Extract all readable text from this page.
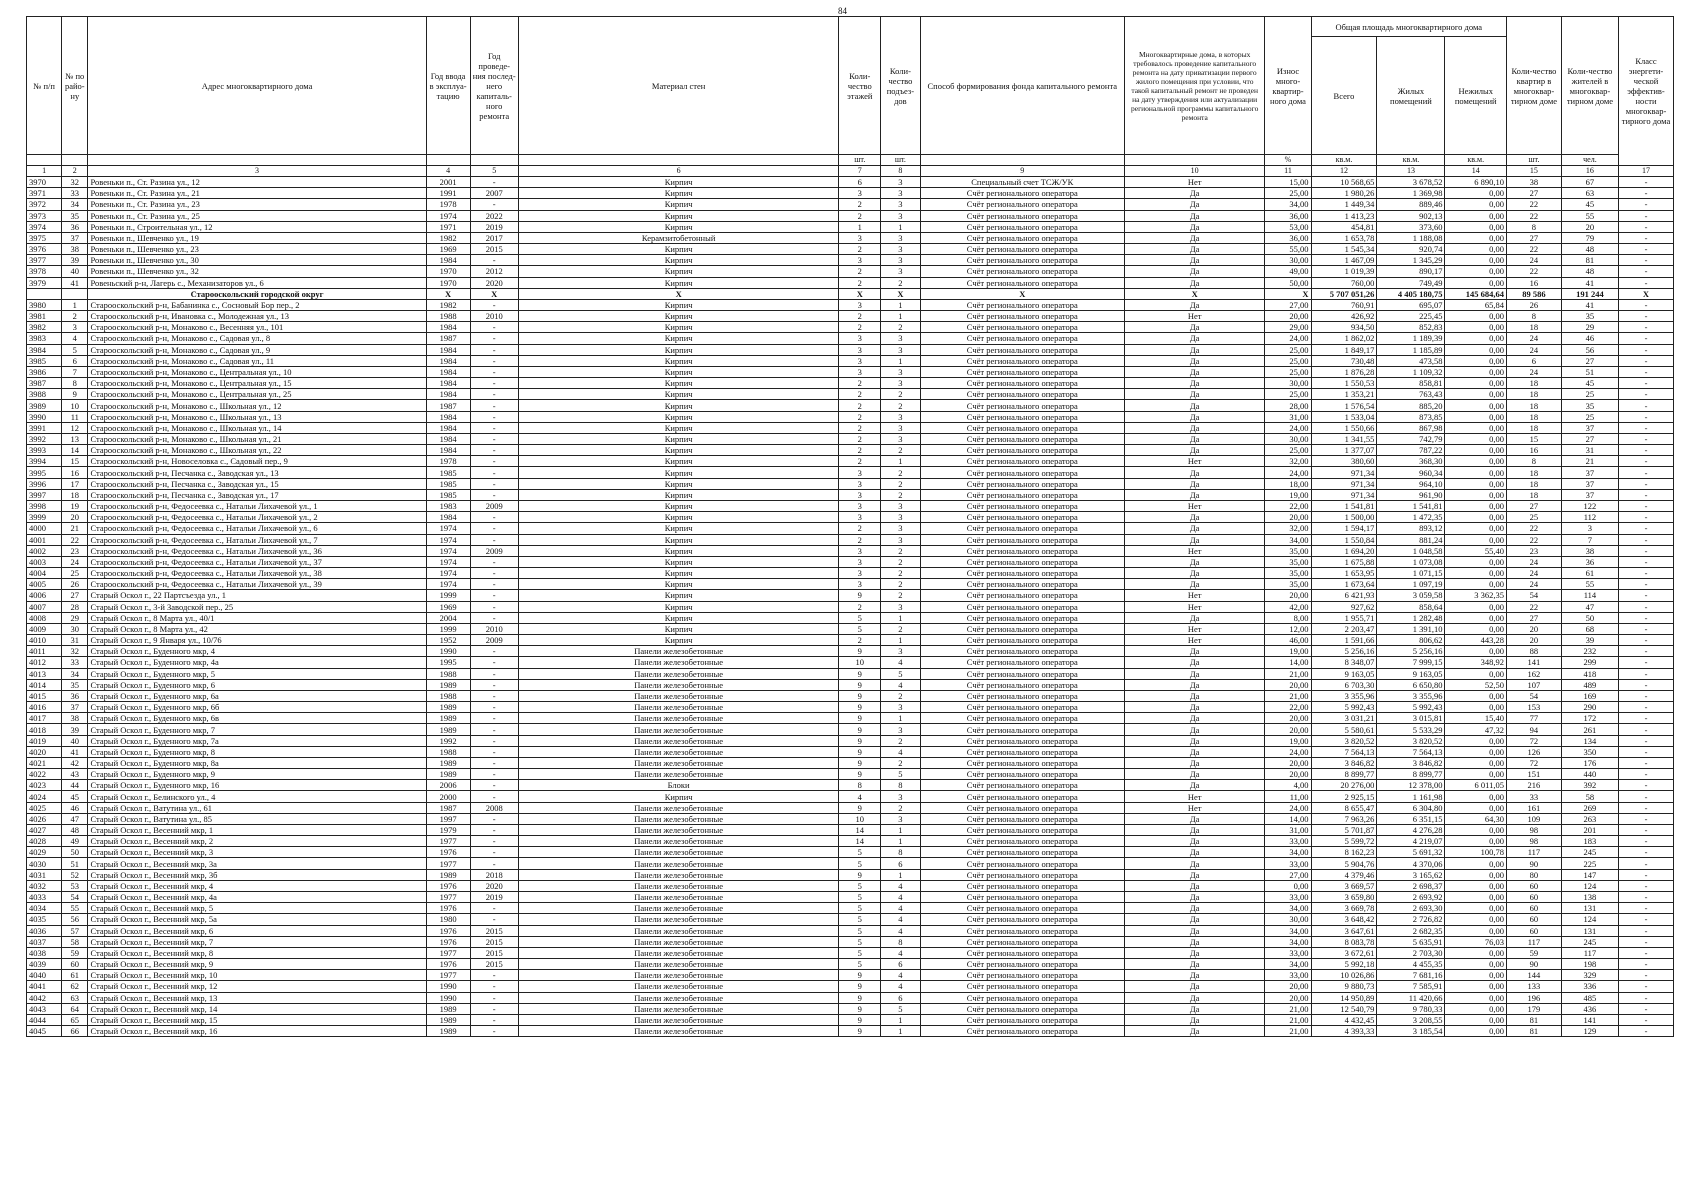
84
№ п/п	№ по райо-ну	Адрес многоквартирного дома	Год ввода в эксплуа-тацию	Год проведе-ния послед-него капиталь-ного ремонта	Материал стен	Коли-чество этажей	Коли-чество подъез-дов	Способ формирования фонда капитального ремонта	Многоквартирные дома, в которых требовалось проведение капитального ремонта на дату приватизации первого жилого помещения при условии, что такой капитальный ремонт не проведен на дату утверждения или актуализации региональной программы капитального ремонта	Износ много-квартир-ного дома	Общая площадь многоквартирного дома			Коли-чество квартир в многоквар-тирном доме	Коли-чество жителей в многоквар-тирном доме	Класс энергети-ческой эффектив-ности многоквар-тирного дома
											Всего	Жилых помещений	Нежилых помещений			
						шт.	шт.			%	кв.м.	кв.м.	кв.м.	шт.	чел.	
1	2	3	4	5	6	7	8	9	10	11	12	13	14	15	16	17
3970	32	Ровеньки п., Ст. Разина ул., 12	2001	-	Кирпич	6	3	Специальный счет ТСЖ/УК	Нет	15,00	10 568,65	3 678,52	6 890,10	38	67	-
3971	33	Ровеньки п., Ст. Разина ул., 21	1991	2007	Кирпич	3	3	Счёт регионального оператора	Да	25,00	1 980,26	1 369,98	0,00	27	63	-
3972	34	Ровеньки п., Ст. Разина ул., 23	1978	-	Кирпич	2	3	Счёт регионального оператора	Да	34,00	1 449,34	889,46	0,00	22	45	-
3973	35	Ровеньки п., Ст. Разина ул., 25	1974	2022	Кирпич	2	3	Счёт регионального оператора	Да	36,00	1 413,23	902,13	0,00	22	55	-
3974	36	Ровеньки п., Строительная ул., 12	1971	2019	Кирпич	1	1	Счёт регионального оператора	Да	53,00	454,81	373,60	0,00	8	20	-
3975	37	Ровеньки п., Шевченко ул., 19	1982	2017	Керамзитобетонный	3	3	Счёт регионального оператора	Да	36,00	1 653,78	1 188,08	0,00	27	79	-
3976	38	Ровеньки п., Шевченко ул., 23	1969	2015	Кирпич	2	3	Счёт регионального оператора	Да	55,00	1 545,34	920,74	0,00	22	48	-
3977	39	Ровеньки п., Шевченко ул., 30	1984	-	Кирпич	3	3	Счёт регионального оператора	Да	30,00	1 467,09	1 345,29	0,00	24	81	-
3978	40	Ровеньки п., Шевченко ул., 32	1970	2012	Кирпич	2	3	Счёт регионального оператора	Да	49,00	1 019,39	890,17	0,00	22	48	-
3979	41	Ровеньский р-н, Лагерь с., Механизаторов ул., 6	1970	2020	Кирпич	2	2	Счёт регионального оператора	Да	50,00	760,00	749,49	0,00	16	41	-
		Старооскольский городской округ	X	X	X	X	X	X	X	X	5 707 051,26	4 405 180,75	145 684,64	89 586	191 244	X
3980	1	Старооскольский р-н, Бабанинка с., Сосновый Бор пер., 2	1982	-	Кирпич	3	1	Счёт регионального оператора	Да	27,00	760,91	695,07	65,84	26	41	-
3981	2	Старооскольский р-н, Ивановка с., Молодежная ул., 13	1988	2010	Кирпич	2	1	Счёт регионального оператора	Нет	20,00	426,92	225,45	0,00	8	35	-
3982	3	Старооскольский р-н, Монаково с., Весенняя ул., 101	1984	-	Кирпич	2	2	Счёт регионального оператора	Да	29,00	934,50	852,83	0,00	18	29	-
3983	4	Старооскольский р-н, Монаково с., Садовая ул., 8	1987	-	Кирпич	3	3	Счёт регионального оператора	Да	24,00	1 862,02	1 189,39	0,00	24	46	-
3984	5	Старооскольский р-н, Монаково с., Садовая ул., 9	1984	-	Кирпич	3	3	Счёт регионального оператора	Да	25,00	1 849,17	1 185,89	0,00	24	56	-
3985	6	Старооскольский р-н, Монаково с., Садовая ул., 11	1984	-	Кирпич	3	1	Счёт регионального оператора	Да	25,00	730,48	473,58	0,00	6	27	-
3986	7	Старооскольский р-н, Монаково с., Центральная ул., 10	1984	-	Кирпич	3	3	Счёт регионального оператора	Да	25,00	1 876,28	1 109,32	0,00	24	51	-
3987	8	Старооскольский р-н, Монаково с., Центральная ул., 15	1984	-	Кирпич	2	3	Счёт регионального оператора	Да	30,00	1 550,53	858,81	0,00	18	45	-
3988	9	Старооскольский р-н, Монаково с., Центральная ул., 25	1984	-	Кирпич	2	2	Счёт регионального оператора	Да	25,00	1 353,21	763,43	0,00	18	25	-
3989	10	Старооскольский р-н, Монаково с., Школьная ул., 12	1987	-	Кирпич	2	2	Счёт регионального оператора	Да	28,00	1 576,54	885,20	0,00	18	35	-
3990	11	Старооскольский р-н, Монаково с., Школьная ул., 13	1984	-	Кирпич	2	3	Счёт регионального оператора	Да	31,00	1 533,04	873,85	0,00	18	25	-
3991	12	Старооскольский р-н, Монаково с., Школьная ул., 14	1984	-	Кирпич	2	3	Счёт регионального оператора	Да	24,00	1 550,66	867,98	0,00	18	37	-
3992	13	Старооскольский р-н, Монаково с., Школьная ул., 21	1984	-	Кирпич	2	3	Счёт регионального оператора	Да	30,00	1 341,55	742,79	0,00	15	27	-
3993	14	Старооскольский р-н, Монаково с., Школьная ул., 22	1984	-	Кирпич	2	2	Счёт регионального оператора	Да	25,00	1 377,07	787,22	0,00	16	31	-
3994	15	Старооскольский р-н, Новоселовка с., Садовый пер., 9	1978	-	Кирпич	2	1	Счёт регионального оператора	Нет	32,00	380,60	368,30	0,00	8	21	-
3995	16	Старооскольский р-н, Песчанка с., Заводская ул., 13	1985	-	Кирпич	3	2	Счёт регионального оператора	Да	24,00	971,34	960,34	0,00	18	37	-
3996	17	Старооскольский р-н, Песчанка с., Заводская ул., 15	1985	-	Кирпич	3	2	Счёт регионального оператора	Да	18,00	971,34	964,10	0,00	18	37	-
3997	18	Старооскольский р-н, Песчанка с., Заводская ул., 17	1985	-	Кирпич	3	2	Счёт регионального оператора	Да	19,00	971,34	961,90	0,00	18	37	-
3998	19	Старооскольский р-н, Федосеевка с., Натальи Лихачевой ул., 1	1983	2009	Кирпич	3	3	Счёт регионального оператора	Нет	22,00	1 541,81	1 541,81	0,00	27	122	-
3999	20	Старооскольский р-н, Федосеевка с., Натальи Лихачевой ул., 2	1984	-	Кирпич	3	3	Счёт регионального оператора	Да	20,00	1 500,00	1 472,35	0,00	25	112	-
4000	21	Старооскольский р-н, Федосеевка с., Натальи Лихачевой ул., 6	1974	-	Кирпич	2	3	Счёт регионального оператора	Да	32,00	1 594,17	893,12	0,00	22	3	-
4001	22	Старооскольский р-н, Федосеевка с., Натальи Лихачевой ул., 7	1974	-	Кирпич	2	3	Счёт регионального оператора	Да	34,00	1 550,84	881,24	0,00	22	7	-
4002	23	Старооскольский р-н, Федосеевка с., Натальи Лихачевой ул., 36	1974	2009	Кирпич	3	2	Счёт регионального оператора	Нет	35,00	1 694,20	1 048,58	55,40	23	38	-
4003	24	Старооскольский р-н, Федосеевка с., Натальи Лихачевой ул., 37	1974	-	Кирпич	3	2	Счёт регионального оператора	Да	35,00	1 675,88	1 073,08	0,00	24	36	-
4004	25	Старооскольский р-н, Федосеевка с., Натальи Лихачевой ул., 38	1974	-	Кирпич	3	2	Счёт регионального оператора	Да	35,00	1 653,95	1 071,15	0,00	24	61	-
4005	26	Старооскольский р-н, Федосеевка с., Натальи Лихачевой ул., 39	1974	-	Кирпич	3	2	Счёт регионального оператора	Да	35,00	1 673,64	1 097,19	0,00	24	55	-
4006	27	Старый Оскол г., 22 Партсъезда ул., 1	1999	-	Кирпич	9	2	Счёт регионального оператора	Нет	20,00	6 421,93	3 059,58	3 362,35	54	114	-
4007	28	Старый Оскол г., 3-й Заводской пер., 25	1969	-	Кирпич	2	3	Счёт регионального оператора	Нет	42,00	927,62	858,64	0,00	22	47	-
4008	29	Старый Оскол г., 8 Марта ул., 40/1	2004	-	Кирпич	5	1	Счёт регионального оператора	Да	8,00	1 955,71	1 282,48	0,00	27	50	-
4009	30	Старый Оскол г., 8 Марта ул., 42	1999	2010	Кирпич	5	2	Счёт регионального оператора	Нет	12,00	2 203,47	1 391,10	0,00	20	68	-
4010	31	Старый Оскол г., 9 Января ул., 10/76	1952	2009	Кирпич	2	1	Счёт регионального оператора	Нет	46,00	1 591,66	806,62	443,28	20	39	-
4011	32	Старый Оскол г., Буденного мкр, 4	1990	-	Панели железобетонные	9	3	Счёт регионального оператора	Да	19,00	5 256,16	5 256,16	0,00	88	232	-
4012	33	Старый Оскол г., Буденного мкр, 4а	1995	-	Панели железобетонные	10	4	Счёт регионального оператора	Да	14,00	8 348,07	7 999,15	348,92	141	299	-
4013	34	Старый Оскол г., Буденного мкр, 5	1988	-	Панели железобетонные	9	5	Счёт регионального оператора	Да	21,00	9 163,05	9 163,05	0,00	162	418	-
4014	35	Старый Оскол г., Буденного мкр, 6	1989	-	Панели железобетонные	9	4	Счёт регионального оператора	Да	20,00	6 703,30	6 650,80	52,50	107	489	-
4015	36	Старый Оскол г., Буденного мкр, 6а	1988	-	Панели железобетонные	9	2	Счёт регионального оператора	Да	21,00	3 355,96	3 355,96	0,00	54	169	-
4016	37	Старый Оскол г., Буденного мкр, 6б	1989	-	Панели железобетонные	9	3	Счёт регионального оператора	Да	22,00	5 992,43	5 992,43	0,00	153	290	-
4017	38	Старый Оскол г., Буденного мкр, 6в	1989	-	Панели железобетонные	9	1	Счёт регионального оператора	Да	20,00	3 031,21	3 015,81	15,40	77	172	-
4018	39	Старый Оскол г., Буденного мкр, 7	1989	-	Панели железобетонные	9	3	Счёт регионального оператора	Да	20,00	5 580,61	5 533,29	47,32	94	261	-
4019	40	Старый Оскол г., Буденного мкр, 7а	1992	-	Панели железобетонные	9	2	Счёт регионального оператора	Да	19,00	3 820,52	3 820,52	0,00	72	134	-
4020	41	Старый Оскол г., Буденного мкр, 8	1988	-	Панели железобетонные	9	4	Счёт регионального оператора	Да	24,00	7 564,13	7 564,13	0,00	126	350	-
4021	42	Старый Оскол г., Буденного мкр, 8а	1989	-	Панели железобетонные	9	2	Счёт регионального оператора	Да	20,00	3 846,82	3 846,82	0,00	72	176	-
4022	43	Старый Оскол г., Буденного мкр, 9	1989	-	Панели железобетонные	9	5	Счёт регионального оператора	Да	20,00	8 899,77	8 899,77	0,00	151	440	-
4023	44	Старый Оскол г., Буденного мкр, 16	2006	-	Блоки	8	8	Счёт регионального оператора	Да	4,00	20 276,00	12 378,00	6 011,05	216	392	-
4024	45	Старый Оскол г., Белинского ул., 4	2000	-	Кирпич	4	3	Счёт регионального оператора	Нет	11,00	2 925,15	1 161,98	0,00	33	58	-
4025	46	Старый Оскол г., Ватутина ул., 61	1987	2008	Панели железобетонные	9	2	Счёт регионального оператора	Нет	24,00	8 655,47	6 304,80	0,00	161	269	-
4026	47	Старый Оскол г., Ватутина ул., 85	1997	-	Панели железобетонные	10	3	Счёт регионального оператора	Да	14,00	7 963,26	6 351,15	64,30	109	263	-
4027	48	Старый Оскол г., Весенний мкр, 1	1979	-	Панели железобетонные	14	1	Счёт регионального оператора	Да	31,00	5 701,87	4 276,28	0,00	98	201	-
4028	49	Старый Оскол г., Весенний мкр, 2	1977	-	Панели железобетонные	14	1	Счёт регионального оператора	Да	33,00	5 599,72	4 219,07	0,00	98	183	-
4029	50	Старый Оскол г., Весенний мкр, 3	1976	-	Панели железобетонные	5	8	Счёт регионального оператора	Да	34,00	8 162,23	5 691,32	100,78	117	245	-
4030	51	Старый Оскол г., Весенний мкр, 3а	1977	-	Панели железобетонные	5	6	Счёт регионального оператора	Да	33,00	5 904,76	4 370,06	0,00	90	225	-
4031	52	Старый Оскол г., Весенний мкр, 3б	1989	2018	Панели железобетонные	9	1	Счёт регионального оператора	Да	27,00	4 379,46	3 165,62	0,00	80	147	-
4032	53	Старый Оскол г., Весенний мкр, 4	1976	2020	Панели железобетонные	5	4	Счёт регионального оператора	Да	0,00	3 669,57	2 698,37	0,00	60	124	-
4033	54	Старый Оскол г., Весенний мкр, 4а	1977	2019	Панели железобетонные	5	4	Счёт регионального оператора	Да	33,00	3 659,80	2 693,92	0,00	60	138	-
4034	55	Старый Оскол г., Весенний мкр, 5	1976	-	Панели железобетонные	5	4	Счёт регионального оператора	Да	34,00	3 669,78	2 693,30	0,00	60	131	-
4035	56	Старый Оскол г., Весенний мкр, 5а	1980	-	Панели железобетонные	5	4	Счёт регионального оператора	Да	30,00	3 648,42	2 726,82	0,00	60	124	-
4036	57	Старый Оскол г., Весенний мкр, 6	1976	2015	Панели железобетонные	5	4	Счёт регионального оператора	Да	34,00	3 647,61	2 682,35	0,00	60	131	-
4037	58	Старый Оскол г., Весенний мкр, 7	1976	2015	Панели железобетонные	5	8	Счёт регионального оператора	Да	34,00	8 083,78	5 635,91	76,03	117	245	-
4038	59	Старый Оскол г., Весенний мкр, 8	1977	2015	Панели железобетонные	5	4	Счёт регионального оператора	Да	33,00	3 672,61	2 703,30	0,00	59	117	-
4039	60	Старый Оскол г., Весенний мкр, 9	1976	2015	Панели железобетонные	5	6	Счёт регионального оператора	Да	34,00	5 992,18	4 455,35	0,00	90	198	-
4040	61	Старый Оскол г., Весенний мкр, 10	1977	-	Панели железобетонные	9	4	Счёт регионального оператора	Да	33,00	10 026,86	7 681,16	0,00	144	329	-
4041	62	Старый Оскол г., Весенний мкр, 12	1990	-	Панели железобетонные	9	4	Счёт регионального оператора	Да	20,00	9 880,73	7 585,91	0,00	133	336	-
4042	63	Старый Оскол г., Весенний мкр, 13	1990	-	Панели железобетонные	9	6	Счёт регионального оператора	Да	20,00	14 950,89	11 420,66	0,00	196	485	-
4043	64	Старый Оскол г., Весенний мкр, 14	1989	-	Панели железобетонные	9	5	Счёт регионального оператора	Да	21,00	12 540,79	9 780,33	0,00	179	436	-
4044	65	Старый Оскол г., Весенний мкр, 15	1989	-	Панели железобетонные	9	1	Счёт регионального оператора	Да	21,00	4 432,45	3 208,55	0,00	81	141	-
4045	66	Старый Оскол г., Весенний мкр, 16	1989	-	Панели железобетонные	9	1	Счёт регионального оператора	Да	21,00	4 393,33	3 185,54	0,00	81	129	-
